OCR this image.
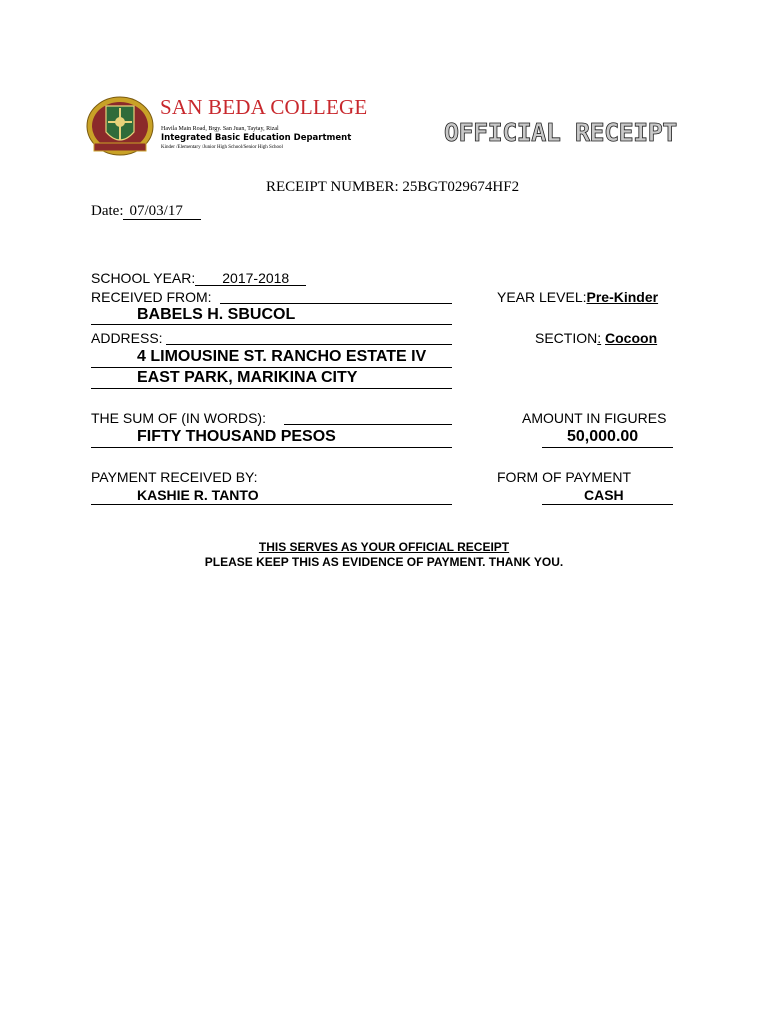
SAN BEDA COLLEGE
Havila Main Road, Brgy. San Juan, Taytay, Rizal
Integrated Basic Education Department
Kinder /Elementary /Junior High School/Senior High School
OFFICIAL RECEIPT
RECEIPT NUMBER: 25BGT029674HF2
Date: 07/03/17
SCHOOL YEAR: 2017-2018
RECEIVED FROM:
BABELS H. SBUCOL
YEAR LEVEL:Pre-Kinder
ADDRESS:
4 LIMOUSINE ST. RANCHO ESTATE IV
EAST PARK, MARIKINA CITY
SECTION: Cocoon
THE SUM OF (IN WORDS):
FIFTY THOUSAND PESOS
AMOUNT IN FIGURES
50,000.00
PAYMENT RECEIVED BY:
KASHIE R. TANTO
FORM OF PAYMENT
CASH
THIS SERVES AS YOUR OFFICIAL RECEIPT
PLEASE KEEP THIS AS EVIDENCE OF PAYMENT. THANK YOU.
